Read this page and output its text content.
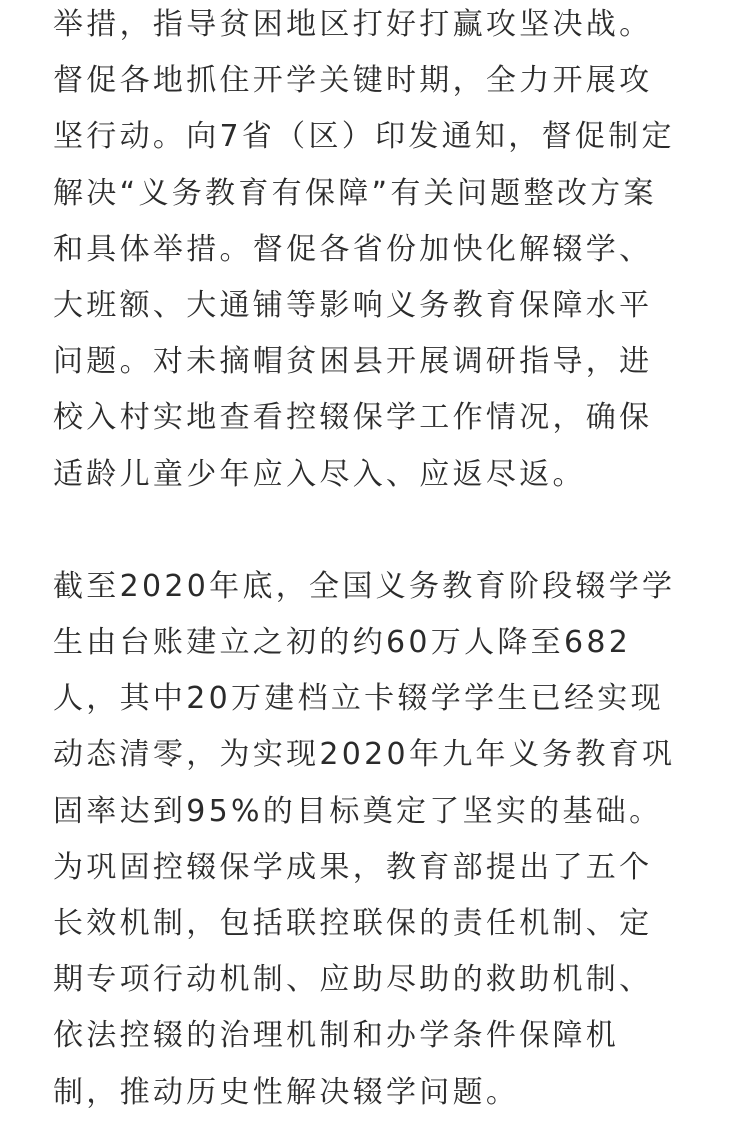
举措，指导贫困地区打好打赢攻坚决战。
督促各地抓住开学关键时期，全力开展攻
坚行动。向7省（区）印发通知，督促制定
解决“义务教育有保障”有关问题整改方案
和具体举措。督促各省份加快化解辍学、
大班额、大通铺等影响义务教育保障水平
问题。对未摘帽贫困县开展调研指导，进
校入村实地查看控辍保学工作情况，确保
适龄儿童少年应入尽入、应返尽返。

截至2020年底，全国义务教育阶段辍学学
生由台账建立之初的约60万人降至682
人，其中20万建档立卡辍学学生已经实现
动态清零，为实现2020年九年义务教育巩
固率达到95%的目标奠定了坚实的基础。
为巩固控辍保学成果，教育部提出了五个
长效机制，包括联控联保的责任机制、定
期专项行动机制、应助尽助的救助机制、
依法控辍的治理机制和办学条件保障机
制，推动历史性解决辍学问题。
